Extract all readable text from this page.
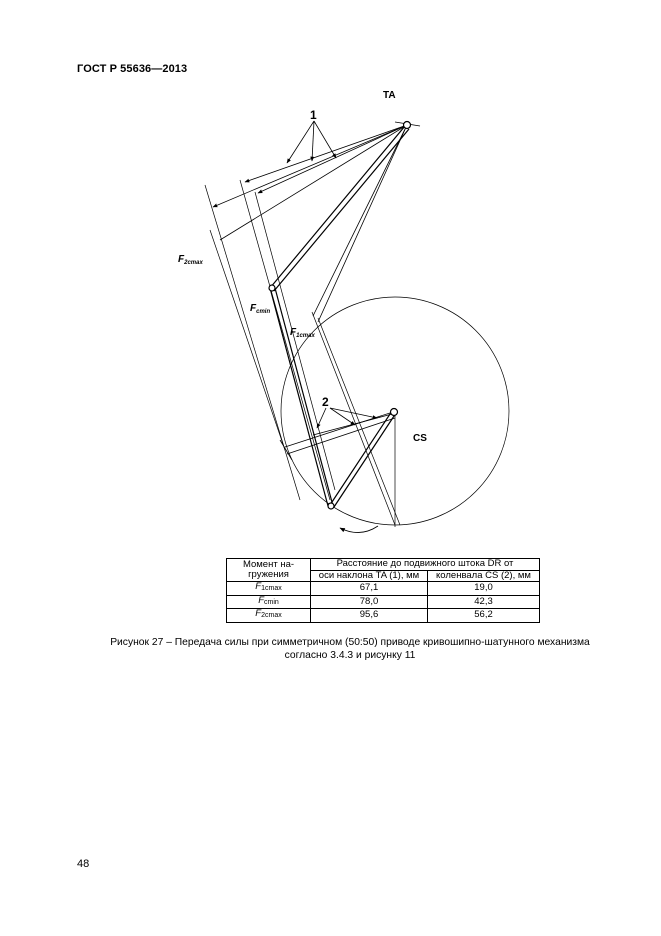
ГОСТ Р 55636—2013
TA
CS
1
2
$F_{2cmax}$
$F_{cmin}$
$F_{1cmax}$
Момент на-гружения	Расстояние до подвижного штока DR от	
	оси наклона TA (1), мм	коленвала CS (2), мм
$F_{1cmax}$	67,1	19,0
$F_{cmin}$	78,0	42,3
$F_{2cmax}$	95,6	56,2
Рисунок 27 – Передача силы при симметричном (50:50) приводе кривошипно-шатунного механизма
согласно 3.4.3 и рисунку 11
48
